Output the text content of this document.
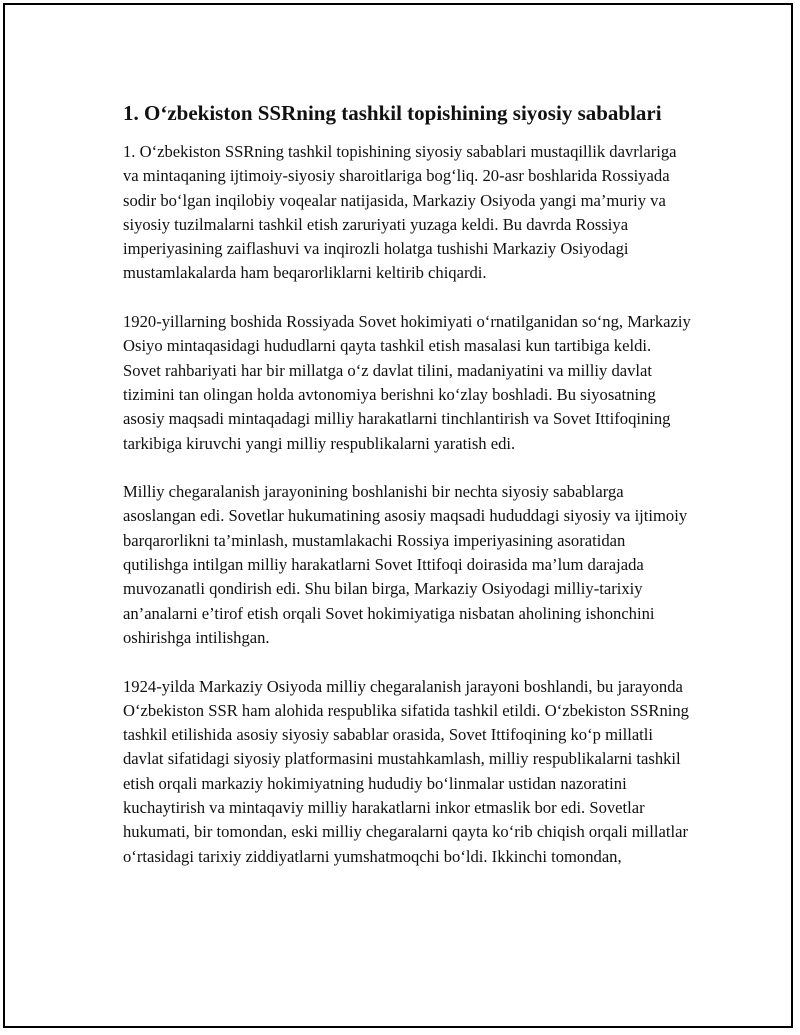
1. O‘zbekiston SSRning tashkil topishining siyosiy sabablari

1. O‘zbekiston SSRning tashkil topishining siyosiy sabablari mustaqillik davrlariga va mintaqaning ijtimoiy-siyosiy sharoitlariga bog‘liq. 20-asr boshlarida Rossiyada sodir bo‘lgan inqilobiy voqealar natijasida, Markaziy Osiyoda yangi ma’muriy va siyosiy tuzilmalarni tashkil etish zaruriyati yuzaga keldi. Bu davrda Rossiya imperiyasining zaiflashuvi va inqirozli holatga tushishi Markaziy Osiyodagi mustamlakalarda ham beqarorliklarni keltirib chiqardi.

1920-yillarning boshida Rossiyada Sovet hokimiyati o‘rnatilganidan so‘ng, Markaziy Osiyo mintaqasidagi hududlarni qayta tashkil etish masalasi kun tartibiga keldi. Sovet rahbariyati har bir millatga o‘z davlat tilini, madaniyatini va milliy davlat tizimini tan olingan holda avtonomiya berishni ko‘zlay boshladi. Bu siyosatning asosiy maqsadi mintaqadagi milliy harakatlarni tinchlantirish va Sovet Ittifoqining tarkibiga kiruvchi yangi milliy respublikalarni yaratish edi.

Milliy chegaralanish jarayonining boshlanishi bir nechta siyosiy sabablarga asoslangan edi. Sovetlar hukumatining asosiy maqsadi hududdagi siyosiy va ijtimoiy barqarorlikni ta’minlash, mustamlakachi Rossiya imperiyasining asoratidan qutilishga intilgan milliy harakatlarni Sovet Ittifoqi doirasida ma’lum darajada muvozanatli qondirish edi. Shu bilan birga, Markaziy Osiyodagi milliy-tarixiy an’analarni e’tirof etish orqali Sovet hokimiyatiga nisbatan aholining ishonchini oshirishga intilishgan.

1924-yilda Markaziy Osiyoda milliy chegaralanish jarayoni boshlandi, bu jarayonda O‘zbekiston SSR ham alohida respublika sifatida tashkil etildi. O‘zbekiston SSRning tashkil etilishida asosiy siyosiy sabablar orasida, Sovet Ittifoqining ko‘p millatli davlat sifatidagi siyosiy platformasini mustahkamlash, milliy respublikalarni tashkil etish orqali markaziy hokimiyatning hududiy bo‘linmalar ustidan nazoratini kuchaytirish va mintaqaviy milliy harakatlarni inkor etmaslik bor edi. Sovetlar hukumati, bir tomondan, eski milliy chegaralarni qayta ko‘rib chiqish orqali millatlar o‘rtasidagi tarixiy ziddiyatlarni yumshatmoqchi bo‘ldi. Ikkinchi tomondan,
